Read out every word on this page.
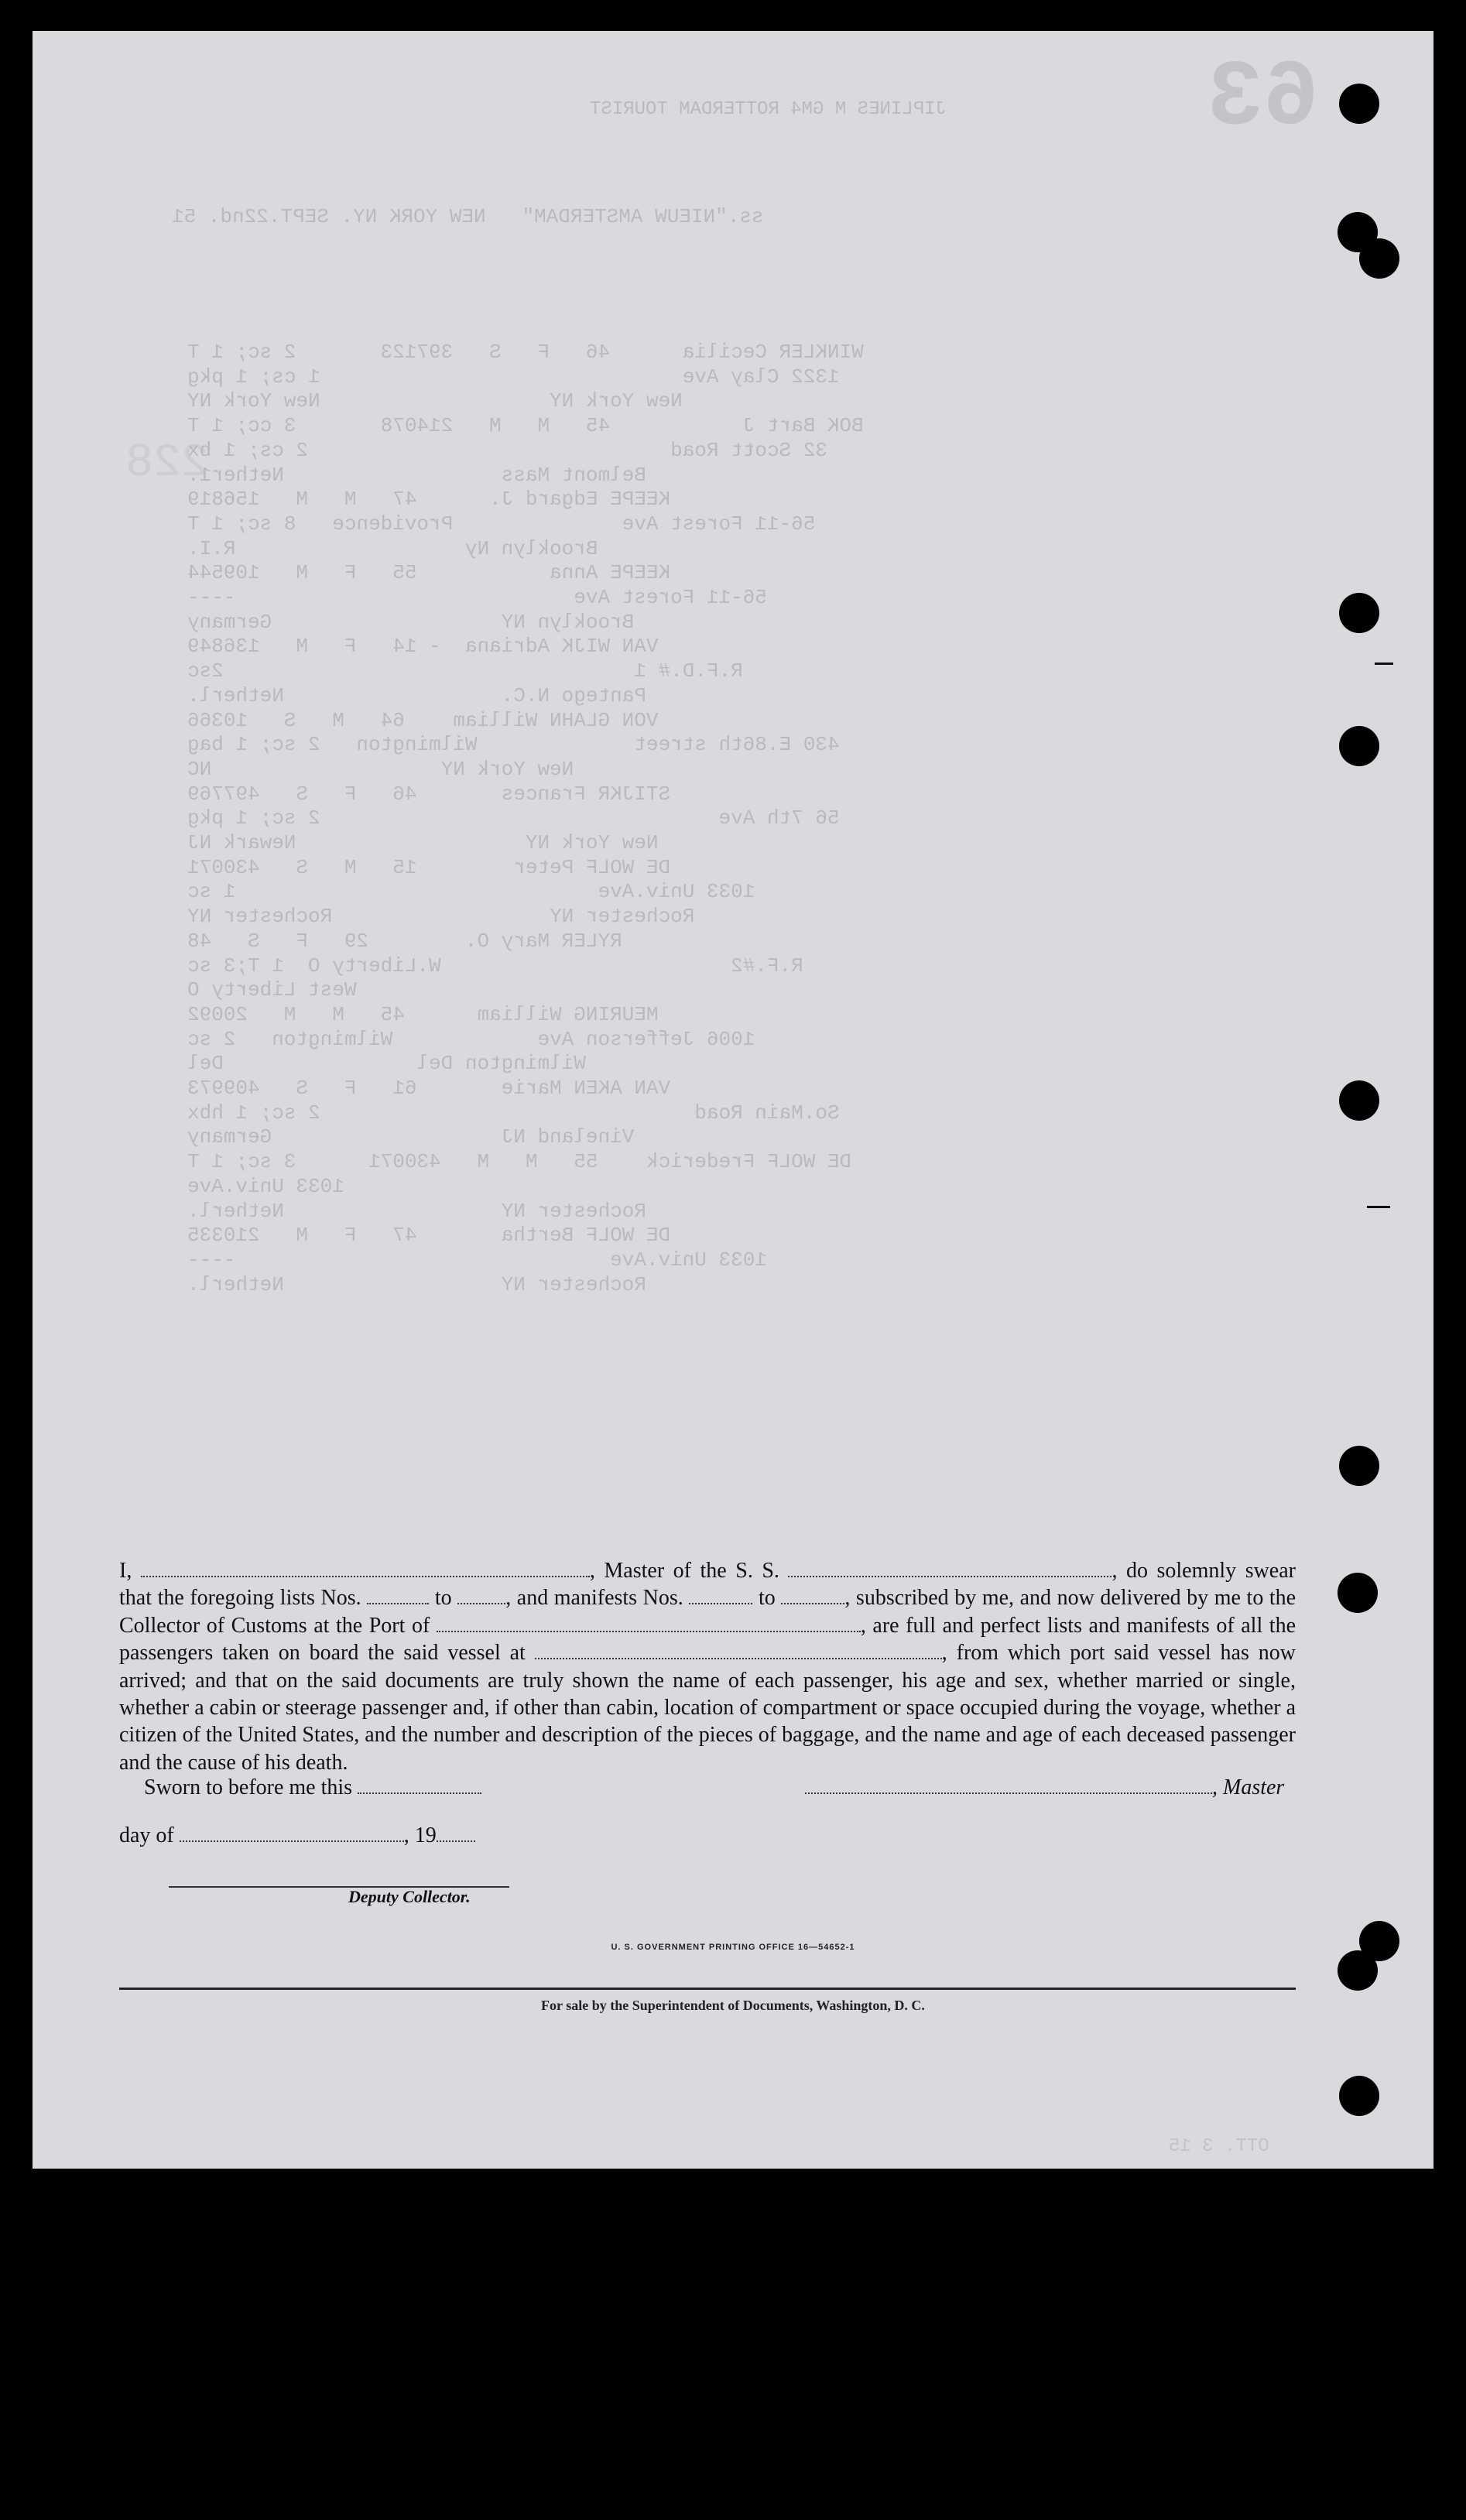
63
JIPLINES M GM4 ROTTERDAM TOURIST
ss."NIEUW AMSTERDAM"   NEW YORK NY. SEPT.22nd. 51
228
WINKLER Cecilia      46   F   S   397123       2 sc; 1 T
1322 Clay Ave                              1 cs; 1 pkg
New York NY                   New York NY
BOK Bart J           45   M   M   214078       3 cc; 1 T
32 Scott Road                              2 cs; 1 bx
Belmont Mass                  Nether1.
KEEPE Edgard J.      47   M   M   156819
56-11 Forest Ave              Providence   8 sc; 1 T
Brooklyn Ny                   R.I.
KEEPE Anna           55   F   M   109544
56-11 Forest Ave                            ----
Brooklyn NY                   Germany
VAN WIJK Adriana  - 14   F   M   136849
R.F.D.# 1                                  2sc
Pantego N.C.                  Netherl.
VON GLAHN William    64   M   S   10366
430 E.86th street             Wilmington   2 sc; 1 bag
New York NY                   NC
STIJKR Frances       46   F   S   497769
56 7th Ave                                 2 sc; 1 pkg
New York NY                   Newark NJ
DE WOLF Peter        15   M   S   430071
1033 Univ.Ave                              1 sc
Rochester NY                  Rochester NY
RYLER Mary O.        29   F   S   48
R.F.#2                        W.Liberty O  1 T;3 sc
West Liberty O
MEURING William      45   M   M   20092
1006 Jefferson Ave            Wilmington   2 sc
Wilmington Del                Del
VAN AKEN Marie       61   F   S   409973
So.Main Road                               2 sc; 1 hbx
Vineland NJ                   Germany
DE WOLF Frederick    55   M   M   430071      3 sc; 1 T
1033 Univ.Ave
Rochester NY                  Netherl.
DE WOLF Bertha       47   F   M   210335
1033 Univ.Ave                               ----
Rochester NY                  Netherl.

I,	, Master of the S. S.	, do solemnly swear that the foregoing lists Nos.	to , and manifests Nos.	to	, subscribed by me, and now delivered by me to the Collector of Customs at the Port of	, are full and perfect lists and manifests of all the passengers taken on board the said vessel at	, from which port said vessel has now arrived; and that on the said documents are truly shown the name of each passenger, his age and sex, whether married or single, whether a cabin or steerage passenger and, if other than cabin, location of compartment or space occupied during the voyage, whether a citizen of the United States, and the number and description of the pieces of baggage, and the name and age of each deceased passenger and the cause of his death.

Sworn to before me this	, Master
day of	, 19
Deputy Collector.
U. S. GOVERNMENT PRINTING OFFICE 16—54652-1
For sale by the Superintendent of Documents, Washington, D. C.
OTT. 3 15
